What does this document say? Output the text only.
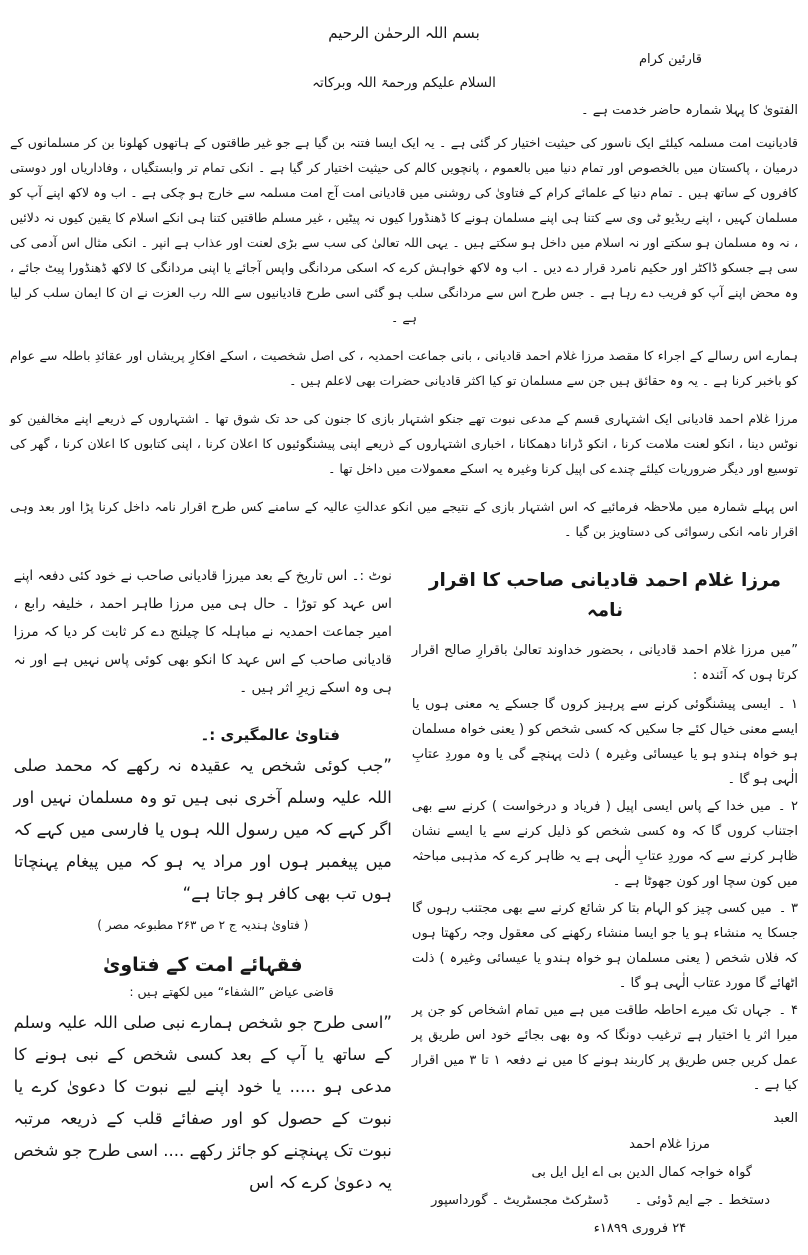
بسم اللہ الرحمٰن الرحیم

قارئین کرام

السلام علیکم ورحمۃ اللہ وبرکاتہ

الفتویٰ کا پہلا شمارہ حاضر خدمت ہے ۔

قادیانیت امت مسلمہ کیلئے ایک ناسور کی حیثیت اختیار کر گئی ہے ۔ یہ ایک ایسا فتنہ بن گیا ہے جو غیر طاقتوں کے ہاتھوں کھلونا بن کر مسلمانوں کے درمیان ، پاکستان میں بالخصوص اور تمام دنیا میں بالعموم ، پانچویں کالم کی حیثیت اختیار کر گیا ہے ۔ انکی تمام تر وابستگیاں ، وفاداریاں اور دوستی کافروں کے ساتھ ہیں ۔ تمام دنیا کے علمائے کرام کے فتاویٰ کی روشنی میں قادیانی امت آج امت مسلمہ سے خارج ہو چکی ہے ۔ اب وہ لاکھ اپنے آپ کو مسلمان کہیں ، اپنے ریڈیو ٹی وی سے کتنا ہی اپنے مسلمان ہونے کا ڈھنڈورا کیوں نہ پیٹیں ، غیر مسلم طاقتیں کتنا ہی انکے اسلام کا یقین کیوں نہ دلائیں ، نہ وہ مسلمان ہو سکتے اور نہ اسلام میں داخل ہو سکتے ہیں ۔ یہی اللہ تعالیٰ کی سب سے بڑی لعنت اور عذاب ہے انپر ۔ انکی مثال اس آدمی کی سی ہے جسکو ڈاکٹر اور حکیم نامرد قرار دے دیں ۔ اب وہ لاکھ خواہش کرے کہ اسکی مردانگی واپس آجائے یا اپنی مردانگی کا لاکھ ڈھنڈورا پیٹ جائے ، وہ محض اپنے آپ کو فریب دے رہا ہے ۔ جس طرح اس سے مردانگی سلب ہو گئی اسی طرح قادیانیوں سے اللہ رب العزت نے ان کا ایمان سلب کر لیا ہے ۔

ہمارے اس رسالے کے اجراء کا مقصد مرزا غلام احمد قادیانی ، بانی جماعت احمدیہ ، کی اصل شخصیت ، اسکے افکارِ پریشاں اور عقائدِ باطلہ سے عوام کو باخبر کرنا ہے ۔ یہ وہ حقائق ہیں جن سے مسلمان تو کیا اکثر قادیانی حضرات بھی لاعلم ہیں ۔

مرزا غلام احمد قادیانی ایک اشتہاری قسم کے مدعی نبوت تھے جنکو اشتہار بازی کا جنون کی حد تک شوق تھا ۔ اشتہاروں کے ذریعے اپنے مخالفین کو نوٹس دینا ، انکو لعنت ملامت کرنا ، انکو ڈرانا دھمکانا ، اخباری اشتہاروں کے ذریعے اپنی پیشنگوئیوں کا اعلان کرنا ، اپنی کتابوں کا اعلان کرنا ، گھر کی توسیع اور دیگر ضروریات کیلئے چندے کی اپیل کرنا وغیرہ یہ اسکے معمولات میں داخل تھا ۔

اس پہلے شمارہ میں ملاحظہ فرمائیے کہ اس اشتہار بازی کے نتیجے میں انکو عدالتِ عالیہ کے سامنے کس طرح اقرار نامہ داخل کرنا پڑا اور بعد وہی اقرار نامہ انکی رسوائی کی دستاویز بن گیا ۔

مرزا غلام احمد قادیانی صاحب کا اقرار نامہ

”میں مرزا غلام احمد قادیانی ، بحضور خداوند تعالیٰ باقرارِ صالح اقرار کرتا ہوں کہ آئندہ :

۱ ۔ایسی پیشنگوئی کرنے سے پرہیز کروں گا جسکے یہ معنی ہوں یا ایسے معنی خیال کئے جا سکیں کہ کسی شخص کو ( یعنی خواہ مسلمان ہو خواہ ہندو ہو یا عیسائی وغیرہ ) ذلت پہنچے گی یا وہ موردِ عتابِ الٰہی ہو گا ۔

۲ ۔میں خدا کے پاس ایسی اپیل ( فریاد و درخواست ) کرنے سے بھی اجتناب کروں گا کہ وہ کسی شخص کو ذلیل کرنے سے یا ایسے نشان ظاہر کرنے سے کہ موردِ عتابِ الٰہی ہے یہ ظاہر کرے کہ مذہبی مباحثہ میں کون سچا اور کون جھوٹا ہے ۔

۳ ۔میں کسی چیز کو الہام بتا کر شائع کرنے سے بھی مجتنب رہوں گا جسکا یہ منشاء ہو یا جو ایسا منشاء رکھنے کی معقول وجہ رکھتا ہوں کہ فلاں شخص ( یعنی مسلمان ہو خواہ ہندو یا عیسائی وغیرہ ) ذلت اٹھائے گا مورد عتاب الٰہی ہو گا ۔

۴ ۔جہاں تک میرے احاطہ طاقت میں ہے میں تمام اشخاص کو جن پر میرا اثر یا اختیار ہے ترغیب دونگا کہ وہ بھی بجائے خود اس طریق پر عمل کریں جس طریق پر کاربند ہونے کا میں نے دفعہ ۱ تا ۳ میں اقرار کیا ہے ۔

العبد

مرزا غلام احمد

گواہ خواجہ کمال الدین بی اے ایل ایل بی

دستخط ۔ جے ایم ڈوئی ۔
ڈسٹرکٹ مجسٹریٹ ۔ گورداسپور

۲۴ فروری ۱۸۹۹ء

نوٹ :۔ اس تاریخ کے بعد میرزا قادیانی صاحب نے خود کئی دفعہ اپنے اس عہد کو توڑا ۔ حال ہی میں مرزا طاہر احمد ، خلیفہ رابع ، امیر جماعت احمدیہ نے مباہلہ کا چیلنج دے کر ثابت کر دیا کہ مرزا قادیانی صاحب کے اس عہد کا انکو بھی کوئی پاس نہیں ہے اور نہ ہی وہ اسکے زیرِ اثر ہیں ۔

فتاویٰ عالمگیری :۔

”جب کوئی شخص یہ عقیدہ نہ رکھے کہ محمد صلی اللہ علیہ وسلم آخری نبی ہیں تو وہ مسلمان نہیں اور اگر کہے کہ میں رسول اللہ ہوں یا فارسی میں کہے کہ میں پیغمبر ہوں اور مراد یہ ہو کہ میں پیغام پہنچاتا ہوں تب بھی کافر ہو جاتا ہے“

( فتاویٰ ہندیہ ج ۲ ص ۲۶۳ مطبوعہ مصر )

فقہائے امت کے فتاویٰ

قاضی عیاض ”الشفاء“ میں لکھتے ہیں :

”اسی طرح جو شخص ہمارے نبی صلی اللہ علیہ وسلم کے ساتھ یا آپ کے بعد کسی شخص کے نبی ہونے کا مدعی ہو ..... یا خود اپنے لیے نبوت کا دعویٰ کرے یا نبوت کے حصول کو اور صفائے قلب کے ذریعہ مرتبہ نبوت تک پہنچنے کو جائز رکھے .... اسی طرح جو شخص یہ دعویٰ کرے کہ اس
